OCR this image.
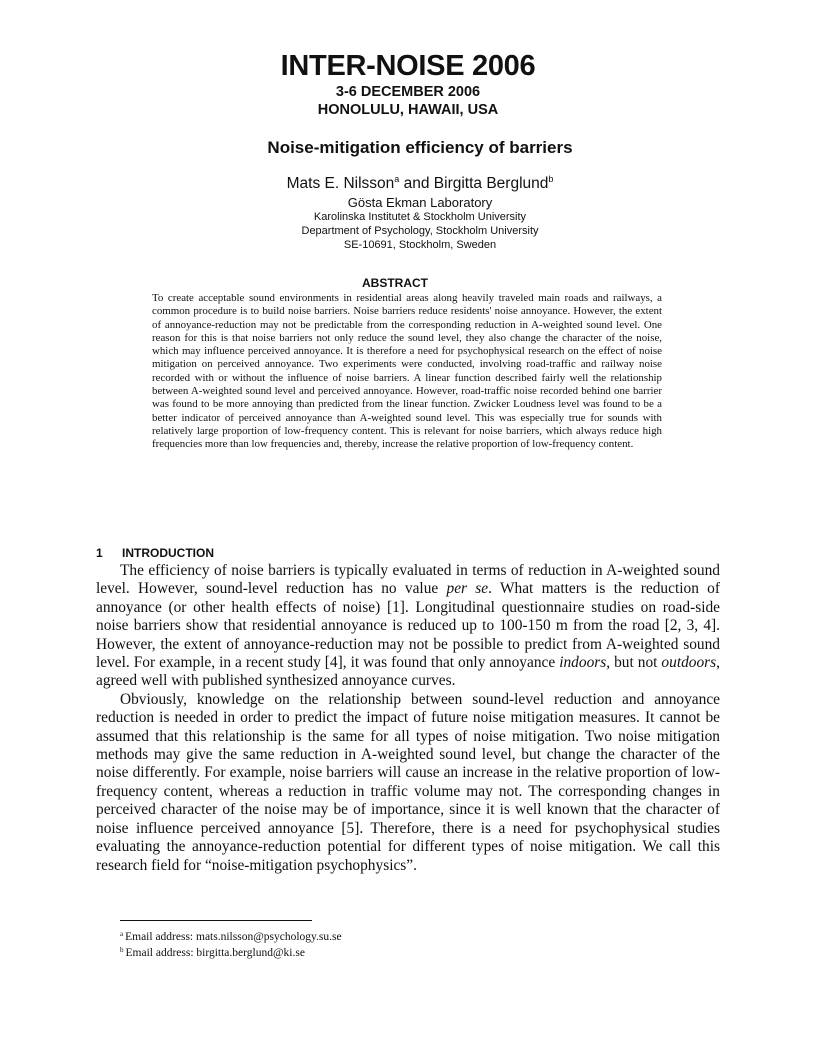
INTER-NOISE 2006
3-6 DECEMBER 2006
HONOLULU, HAWAII, USA
Noise-mitigation efficiency of barriers
Mats E. Nilsson$^a$ and Birgitta Berglund$^b$
Gösta Ekman Laboratory
Karolinska Institutet & Stockholm University
Department of Psychology, Stockholm University
SE-10691, Stockholm, Sweden
ABSTRACT

To create acceptable sound environments in residential areas along heavily traveled main roads and railways, a common procedure is to build noise barriers. Noise barriers reduce residents' noise annoyance. However, the extent of annoyance-reduction may not be predictable from the corresponding reduction in A-weighted sound level. One reason for this is that noise barriers not only reduce the sound level, they also change the character of the noise, which may influence perceived annoyance. It is therefore a need for psychophysical research on the effect of noise mitigation on perceived annoyance. Two experiments were conducted, involving road-traffic and railway noise recorded with or without the influence of noise barriers. A linear function described fairly well the relationship between A-weighted sound level and perceived annoyance. However, road-traffic noise recorded behind one barrier was found to be more annoying than predicted from the linear function. Zwicker Loudness level was found to be a better indicator of perceived annoyance than A-weighted sound level. This was especially true for sounds with relatively large proportion of low-frequency content. This is relevant for noise barriers, which always reduce high frequencies more than low frequencies and, thereby, increase the relative proportion of low-frequency content.

1 INTRODUCTION

The efficiency of noise barriers is typically evaluated in terms of reduction in A-weighted sound level. However, sound-level reduction has no value per se. What matters is the reduction of annoyance (or other health effects of noise) [1]. Longitudinal questionnaire studies on road-side noise barriers show that residential annoyance is reduced up to 100-150 m from the road [2, 3, 4]. However, the extent of annoyance-reduction may not be possible to predict from A-weighted sound level. For example, in a recent study [4], it was found that only annoyance indoors, but not outdoors, agreed well with published synthesized annoyance curves.

Obviously, knowledge on the relationship between sound-level reduction and annoyance reduction is needed in order to predict the impact of future noise mitigation measures. It cannot be assumed that this relationship is the same for all types of noise mitigation. Two noise mitigation methods may give the same reduction in A-weighted sound level, but change the character of the noise differently. For example, noise barriers will cause an increase in the relative proportion of low-frequency content, whereas a reduction in traffic volume may not. The corresponding changes in perceived character of the noise may be of importance, since it is well known that the character of noise influence perceived annoyance [5]. Therefore, there is a need for psychophysical studies evaluating the annoyance-reduction potential for different types of noise mitigation. We call this research field for “noise-mitigation psychophysics”.

$^a$ Email address: mats.nilsson@psychology.su.se
$^b$ Email address: birgitta.berglund@ki.se
